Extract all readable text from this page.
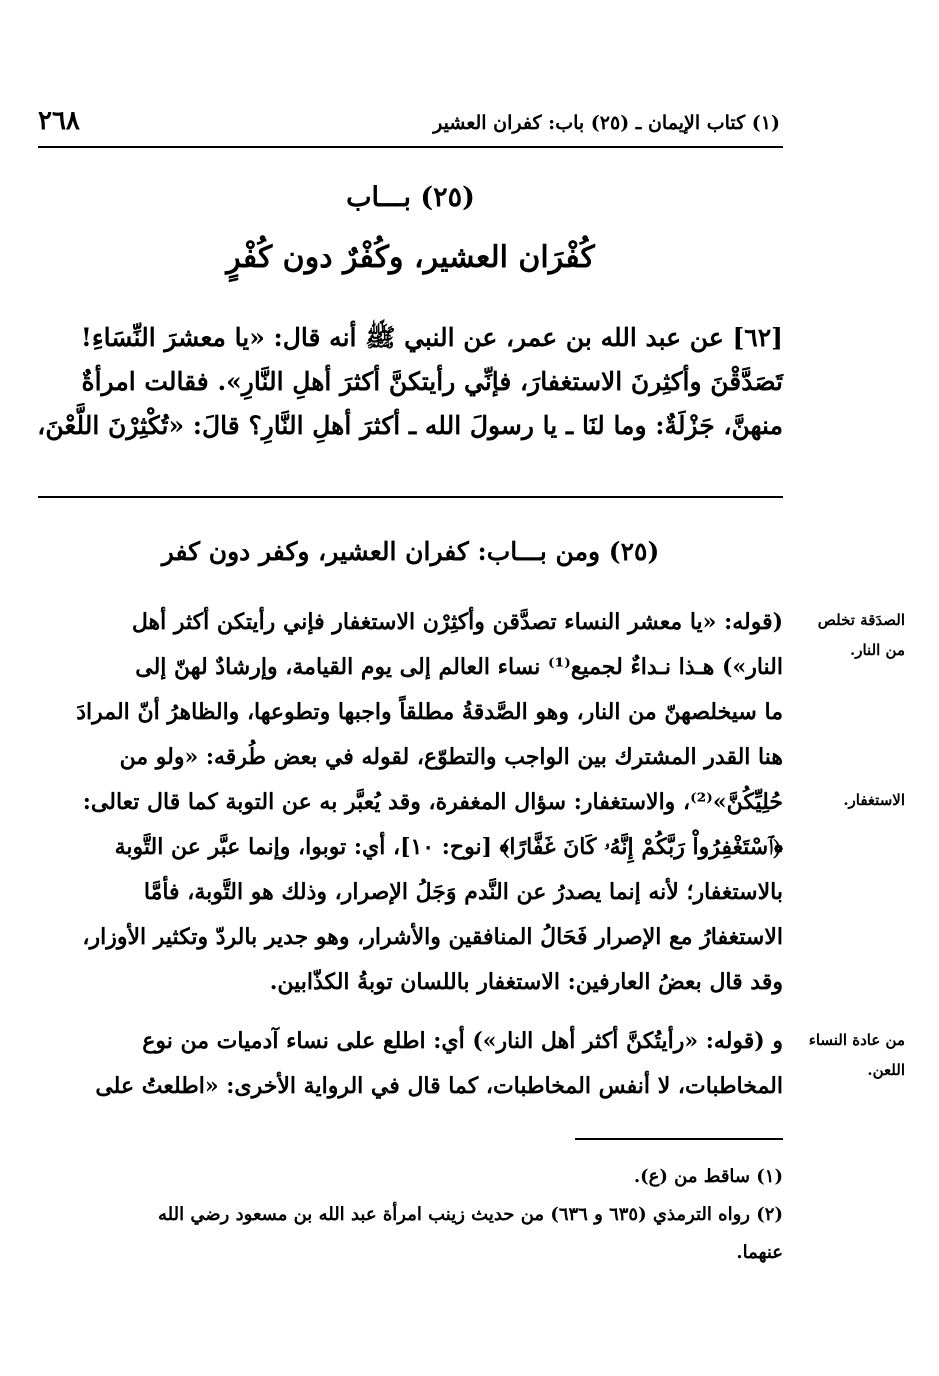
(١) كتاب الإيمان ـ (٢٥) باب: كفران العشير
٢٦٨
(٢٥) بـــاب
كُفْرَان العشير، وكُفْرٌ دون كُفْرٍ

[٦٢] عن عبد الله بن عمر، عن النبي ﷺ أنه قال: «يا معشرَ النِّسَاءِ!

تَصَدَّقْنَ وأكثِرنَ الاستغفارَ، فإنِّي رأيتكنَّ أكثرَ أهلِ النَّارِ». فقالت امرأةٌ

منهنَّ، جَزْلَةٌ: وما لنَا ـ يا رسولَ الله ـ أكثرَ أهلِ النَّارِ؟ قالَ: «تُكْثِرْنَ اللَّعْنَ،

(٢٥) ومن بـــاب: كفران العشير، وكفر دون كفر

(قوله: «يا معشر النساء تصدَّقن وأكثِرْن الاستغفار فإني رأيتكن أكثر أهل

النار») هـذا نـداءٌ لجميع⁽¹⁾ نساء العالم إلى يوم القيامة، وإرشادٌ لهنّ إلى

ما سيخلصهنّ من النار، وهو الصَّدقةُ مطلقاً واجبها وتطوعها، والظاهرُ أنّ المرادَ

هنا القدر المشترك بين الواجب والتطوّع، لقوله في بعض طُرقه: «ولو من

حُلِيِّكُنَّ»⁽²⁾، والاستغفار: سؤال المغفرة، وقد يُعبَّر به عن التوبة كما قال تعالى:

﴿ٱسْتَغْفِرُواْ رَبَّكُمْ إِنَّهُۥ كَانَ غَفَّارًا﴾ [نوح: ١٠]، أي: توبوا، وإنما عبَّر عن التَّوبة

بالاستغفار؛ لأنه إنما يصدرُ عن النَّدم وَجَلُ الإصرار، وذلك هو التَّوبة، فأمَّا

الاستغفارُ مع الإصرار فَحَالُ المنافقين والأشرار، وهو جدير بالردّ وتكثير الأوزار،

وقد قال بعضُ العارفين: الاستغفار باللسان توبةُ الكذّابين.

و (قوله: «رأيتُكنَّ أكثر أهل النار») أي: اطلع على نساء آدميات من نوع

المخاطبات، لا أنفس المخاطبات، كما قال في الرواية الأخرى: «اطلعتُ على

الصدَقة تخلص
من النار.
الاستغفار.
من عادة النساء
اللعن.

(١) ساقط من (ع).

(٢) رواه الترمذي (٦٣٥ و ٦٣٦) من حديث زينب امرأة عبد الله بن مسعود رضي الله

عنهما.
